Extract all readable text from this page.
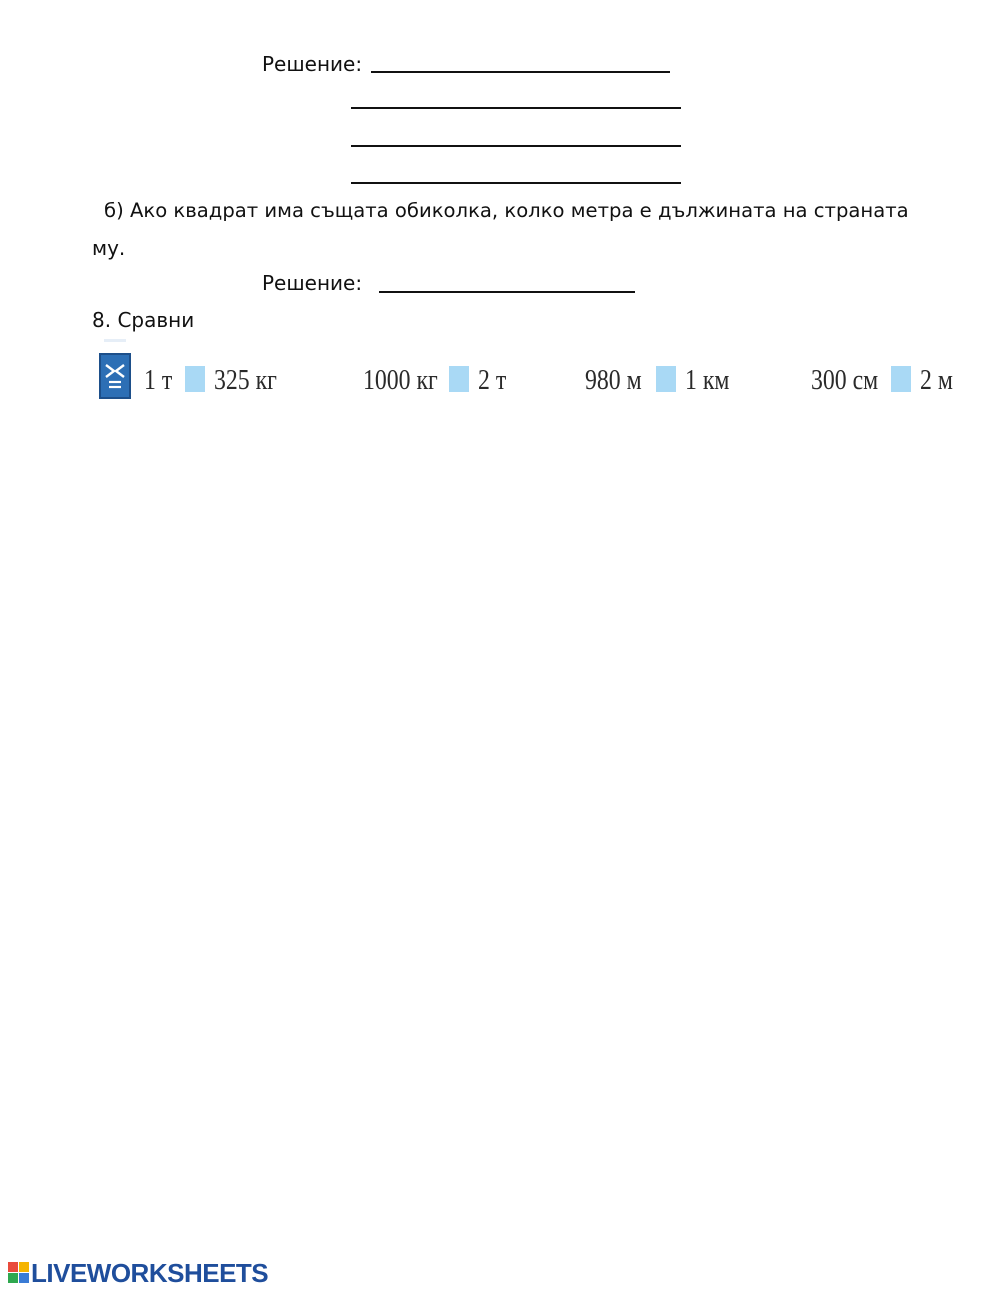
Решение:
б) Ако квадрат има същата обиколка, колко метра е дължината на страната
му.
Решение:
8. Сравни
1 т 325 кг	1000 кг 2 т	980 м 1 км	300 см 2 м
LIVEWORKSHEETS
